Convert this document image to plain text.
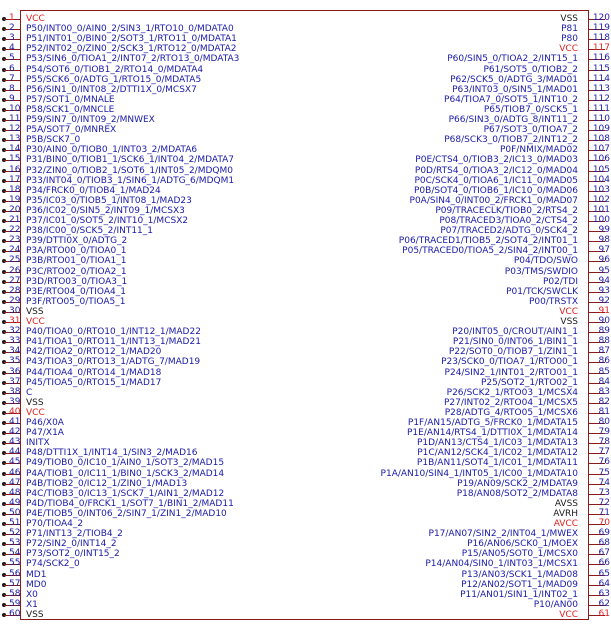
1 VCC
2 P50/INT00_0/AIN0_2/SIN3_1/RTO10_0/MDATA0
3 P51/INT01_0/BIN0_2/SOT3_1/RTO11_0/MDATA1
4 P52/INT02_0/ZIN0_2/SCK3_1/RTO12_0/MDATA2
5 P53/SIN6_0/TIOA1_2/INT07_2/RTO13_0/MDATA3
6 P54/SOT6_0/TIOB1_2/RTO14_0/MDATA4
7 P55/SCK6_0/ADTG_1/RTO15_0/MDATA5
8 P56/SIN1_0/INT08_2/DTTI1X_0/MCSX7
9 P57/SOT1_0/MNALE
10 P58/SCK1_0/MNCLE
11 P59/SIN7_0/INT09_2/MNWEX
12 P5A/SOT7_0/MNREX
13 P5B/SCK7_0
14 P30/AIN0_0/TIOB0_1/INT03_2/MDATA6
15 P31/BIN0_0/TIOB1_1/SCK6_1/INT04_2/MDATA7
16 P32/ZIN0_0/TIOB2_1/SOT6_1/INT05_2/MDQM0
17 P33/INT04_0/TIOB3_1/SIN6_1/ADTG_6/MDQM1
18 P34/FRCK0_0/TIOB4_1/MAD24
19 P35/IC03_0/TIOB5_1/INT08_1/MAD23
20 P36/IC02_0/SIN5_2/INT09_1/MCSX3
21 P37/IC01_0/SOT5_2/INT10_1/MCSX2
22 P38/IC00_0/SCK5_2/INT11_1
23 P39/DTTI0X_0/ADTG_2
24 P3A/RTO00_0/TIOA0_1
25 P3B/RTO01_0/TIOA1_1
26 P3C/RTO02_0/TIOA2_1
27 P3D/RTO03_0/TIOA3_1
28 P3E/RTO04_0/TIOA4_1
29 P3F/RTO05_0/TIOA5_1
30 VSS
31 VCC
32 P40/TIOA0_0/RTO10_1/INT12_1/MAD22
33 P41/TIOA1_0/RTO11_1/INT13_1/MAD21
34 P42/TIOA2_0/RTO12_1/MAD20
35 P43/TIOA3_0/RTO13_1/ADTG_7/MAD19
36 P44/TIOA4_0/RTO14_1/MAD18
37 P45/TIOA5_0/RTO15_1/MAD17
38 C
39 VSS
40 VCC
41 P46/X0A
42 P47/X1A
43 INITX
44 P48/DTTI1X_1/INT14_1/SIN3_2/MAD16
45 P49/TIOB0_0/IC10_1/AIN0_1/SOT3_2/MAD15
46 P4A/TIOB1_0/IC11_1/BIN0_1/SCK3_2/MAD14
47 P4B/TIOB2_0/IC12_1/ZIN0_1/MAD13
48 P4C/TIOB3_0/IC13_1/SCK7_1/AIN1_2/MAD12
49 P4D/TIOB4_0/FRCK1_1/SOT7_1/BIN1_2/MAD11
50 P4E/TIOB5_0/INT06_2/SIN7_1/ZIN1_2/MAD10
51 P70/TIOA4_2
52 P71/INT13_2/TIOB4_2
53 P72/SIN2_0/INT14_2
54 P73/SOT2_0/INT15_2
55 P74/SCK2_0
56 MD1
57 MD0
58 X0
59 X1
60 VSS
VSS 120
P81 119
P80 118
VCC 117
P60/SIN5_0/TIOA2_2/INT15_1 116
P61/SOT5_0/TIOB2_2 115
P62/SCK5_0/ADTG_3/MAD01 114
P63/INT03_0/SIN5_1/MAD01 113
P64/TIOA7_0/SOT5_1/INT10_2 112
P65/TIOB7_0/SCK5_1 111
P66/SIN3_0/ADTG_8/INT11_2 110
P67/SOT3_0/TIOA7_2 109
P68/SCK3_0/TIOB7_2/INT12_2 108
P0F/NMIX/MAD02 107
P0E/CTS4_0/TIOB3_2/IC13_0/MAD03 106
P0D/RTS4_0/TIOA3_2/IC12_0/MAD04 105
P0C/SCK4_0/TIOA6_1/IC11_0/MAD05 104
P0B/SOT4_0/TIOB6_1/IC10_0/MAD06 103
P0A/SIN4_0/INT00_2/FRCK1_0/MAD07 102
P09/TRACECLK/TIOB0_2/RTS4_2 101
P08/TRACED3/TIOA0_2/CTS4_2 100
P07/TRACED2/ADTG_0/SCK4_2 99
P06/TRACED1/TIOB5_2/SOT4_2/INT01_1 98
P05/TRACED0/TIOA5_2/SIN4_2/INT00_1 97
P04/TDO/SWO 96
P03/TMS/SWDIO 95
P02/TDI 94
P01/TCK/SWCLK 93
P00/TRSTX 92
VCC 91
VSS 90
P20/INT05_0/CROUT/AIN1_1 89
P21/SIN0_0/INT06_1/BIN1_1 88
P22/SOT0_0/TIOB7_1/ZIN1_1 87
P23/SCK0_0/TIOA7_1/RTO00_1 86
P24/SIN2_1/INT01_2/RTO01_1 85
P25/SOT2_1/RTO02_1 84
P26/SCK2_1/RTO03_1/MCSX4 83
P27/INT02_2/RTO04_1/MCSX5 82
P28/ADTG_4/RTO05_1/MCSX6 81
P1F/AN15/ADTG_5/FRCK0_1/MDATA15 80
P1E/AN14/RTS4_1/DTTI0X_1/MDATA14 79
P1D/AN13/CTS4_1/IC03_1/MDATA13 78
P1C/AN12/SCK4_1/IC02_1/MDATA12 77
P1B/AN11/SOT4_1/IC01_1/MDATA11 76
P1A/AN10/SIN4_1/INT05_1/IC00_1/MDATA10 75
P19/AN09/SCK2_2/MDATA9 74
P18/AN08/SOT2_2/MDATA8 73
AVSS 72
AVRH 71
AVCC 70
P17/AN07/SIN2_2/INT04_1/MWEX 69
P16/AN06/SCK0_1/MOEX 68
P15/AN05/SOT0_1/MCSX0 67
P14/AN04/SIN0_1/INT03_1/MCSX1 66
P13/AN03/SCK1_1/MAD08 65
P12/AN02/SOT1_1/MAD09 64
P11/AN01/SIN1_1/INT02_1 63
P10/AN00 62
VCC 61
